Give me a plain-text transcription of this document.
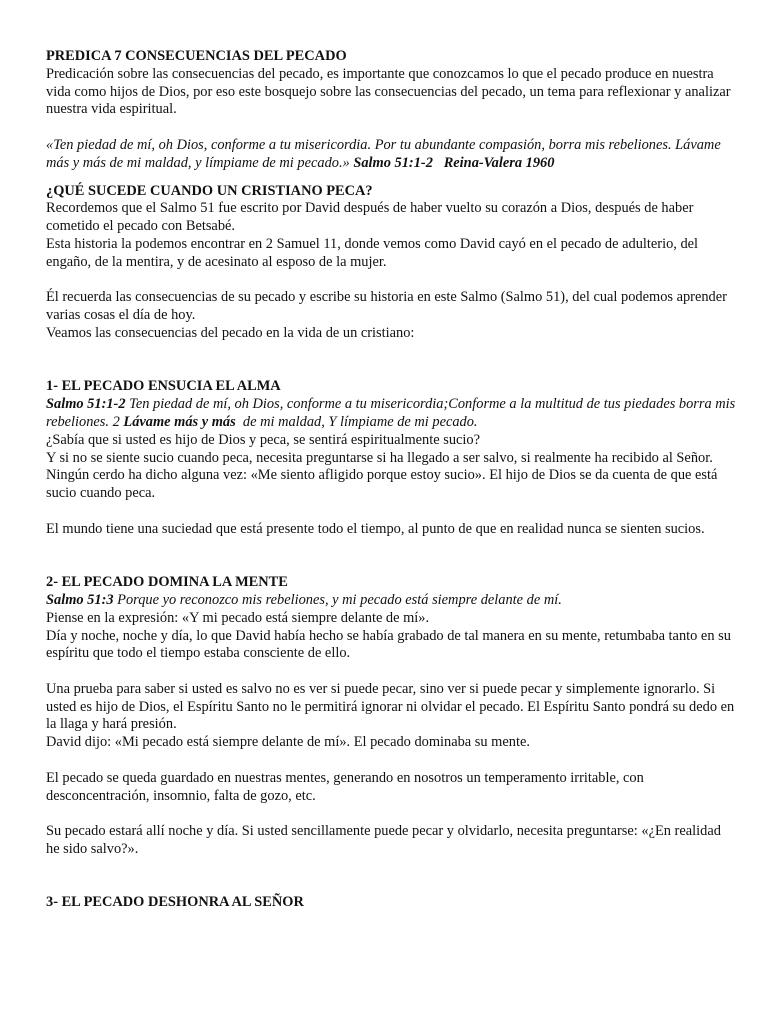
PREDICA 7 CONSECUENCIAS DEL PECADO

Predicación sobre las consecuencias del pecado, es importante que conozcamos lo que el pecado produce en nuestra vida como hijos de Dios, por eso este bosquejo sobre las consecuencias del pecado, un tema para reflexionar y analizar nuestra vida espiritual.

«Ten piedad de mí, oh Dios, conforme a tu misericordia. Por tu abundante compasión, borra mis rebeliones. Lávame más y más de mi maldad, y límpiame de mi pecado.» Salmo 51:1-2   Reina-Valera 1960

¿QUÉ SUCEDE CUANDO UN CRISTIANO PECA?

Recordemos que el Salmo 51 fue escrito por David después de haber vuelto su corazón a Dios, después de haber cometido el pecado con Betsabé.

Esta historia la podemos encontrar en 2 Samuel 11, donde vemos como David cayó en el pecado de adulterio, del engaño, de la mentira, y de acesinato al esposo de la mujer.

Él recuerda las consecuencias de su pecado y escribe su historia en este Salmo (Salmo 51), del cual podemos aprender varias cosas el día de hoy.

Veamos las consecuencias del pecado en la vida de un cristiano:

1- EL PECADO ENSUCIA EL ALMA

Salmo 51:1-2 Ten piedad de mí, oh Dios, conforme a tu misericordia;Conforme a la multitud de tus piedades borra mis rebeliones. 2 Lávame más y más  de mi maldad, Y límpiame de mi pecado.

¿Sabía que si usted es hijo de Dios y peca, se sentirá espiritualmente sucio?

Y si no se siente sucio cuando peca, necesita preguntarse si ha llegado a ser salvo, si realmente ha recibido al Señor.

Ningún cerdo ha dicho alguna vez: «Me siento afligido porque estoy sucio». El hijo de Dios se da cuenta de que está sucio cuando peca.

El mundo tiene una suciedad que está presente todo el tiempo, al punto de que en realidad nunca se sienten sucios.

2- EL PECADO DOMINA LA MENTE

Salmo 51:3 Porque yo reconozco mis rebeliones, y mi pecado está siempre delante de mí.

Piense en la expresión: «Y mi pecado está siempre delante de mí».

Día y noche, noche y día, lo que David había hecho se había grabado de tal manera en su mente, retumbaba tanto en su espíritu que todo el tiempo estaba consciente de ello.

Una prueba para saber si usted es salvo no es ver si puede pecar, sino ver si puede pecar y simplemente ignorarlo. Si usted es hijo de Dios, el Espíritu Santo no le permitirá ignorar ni olvidar el pecado. El Espíritu Santo pondrá su dedo en la llaga y hará presión.

David dijo: «Mi pecado está siempre delante de mí». El pecado dominaba su mente.

El pecado se queda guardado en nuestras mentes, generando en nosotros un temperamento irritable, con desconcentración, insomnio, falta de gozo, etc.

Su pecado estará allí noche y día. Si usted sencillamente puede pecar y olvidarlo, necesita preguntarse: «¿En realidad he sido salvo?».

3- EL PECADO DESHONRA AL SEÑOR
